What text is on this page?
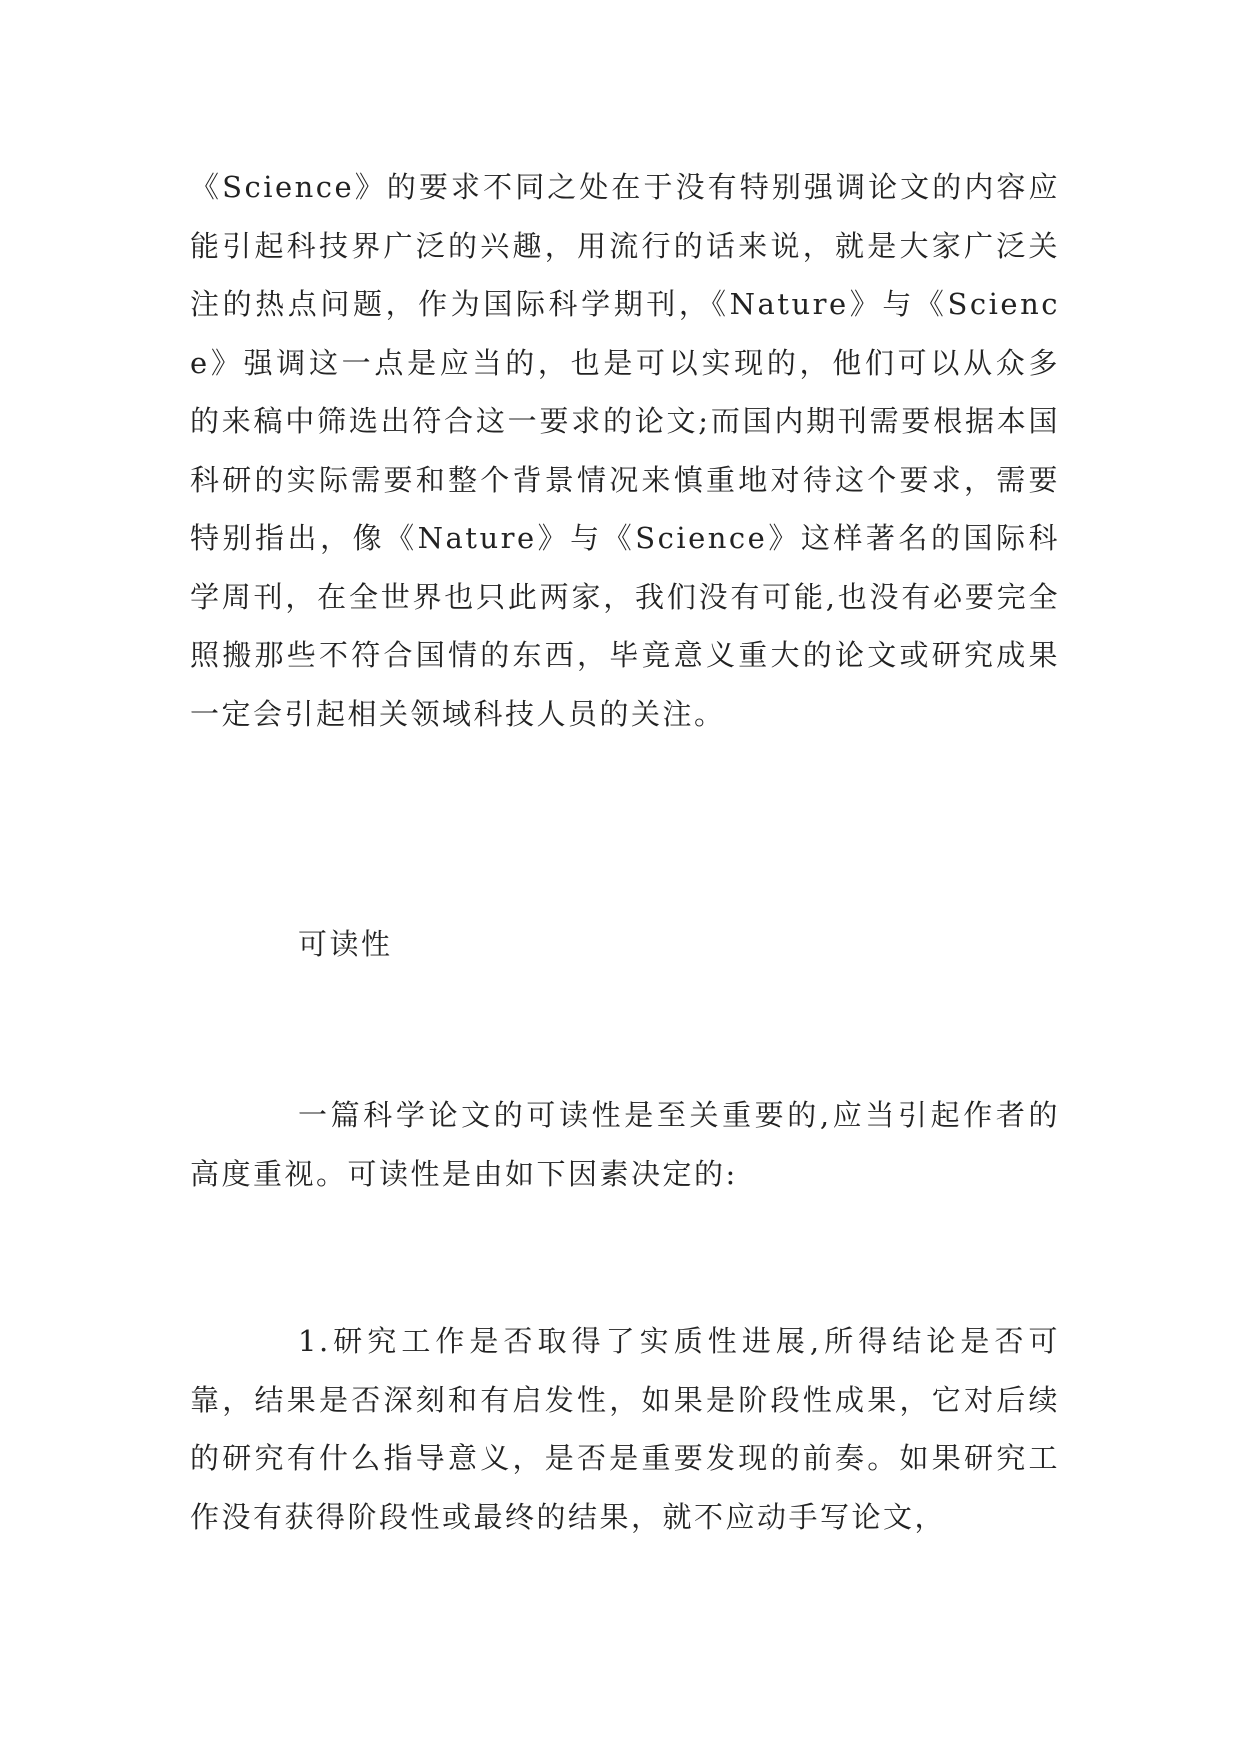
《Science》的要求不同之处在于没有特别强调论文的内容应能引起科技界广泛的兴趣，用流行的话来说，就是大家广泛关注的热点问题，作为国际科学期刊，《Nature》与《Science》强调这一点是应当的，也是可以实现的，他们可以从众多的来稿中筛选出符合这一要求的论文;而国内期刊需要根据本国科研的实际需要和整个背景情况来慎重地对待这个要求，需要特别指出，像《Nature》与《Science》这样著名的国际科学周刊，在全世界也只此两家，我们没有可能,也没有必要完全照搬那些不符合国情的东西，毕竟意义重大的论文或研究成果一定会引起相关领域科技人员的关注。

可读性

一篇科学论文的可读性是至关重要的,应当引起作者的高度重视。可读性是由如下因素决定的:

1.研究工作是否取得了实质性进展,所得结论是否可靠，结果是否深刻和有启发性，如果是阶段性成果，它对后续的研究有什么指导意义，是否是重要发现的前奏。如果研究工作没有获得阶段性或最终的结果，就不应动手写论文，
